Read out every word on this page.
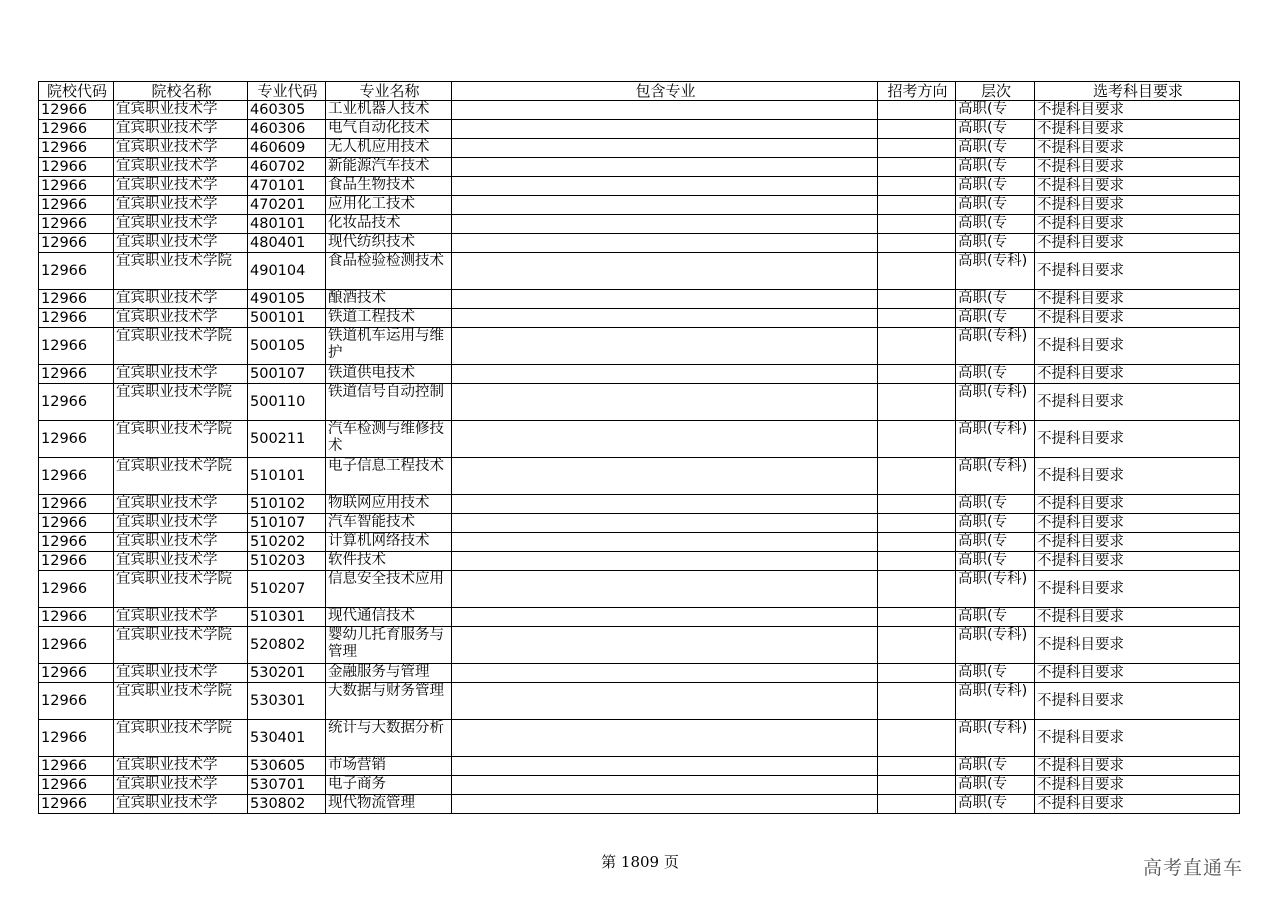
院校代码	院校名称	专业代码	专业名称	包含专业	招考方向	层次	选考科目要求
12966	宜宾职业技术学	460305	工业机器人技术			高职(专	不提科目要求
12966	宜宾职业技术学	460306	电气自动化技术			高职(专	不提科目要求
12966	宜宾职业技术学	460609	无人机应用技术			高职(专	不提科目要求
12966	宜宾职业技术学	460702	新能源汽车技术			高职(专	不提科目要求
12966	宜宾职业技术学	470101	食品生物技术			高职(专	不提科目要求
12966	宜宾职业技术学	470201	应用化工技术			高职(专	不提科目要求
12966	宜宾职业技术学	480101	化妆品技术			高职(专	不提科目要求
12966	宜宾职业技术学	480401	现代纺织技术			高职(专	不提科目要求
12966	宜宾职业技术学院	490104	食品检验检测技术			高职(专科)	不提科目要求
12966	宜宾职业技术学	490105	酿酒技术			高职(专	不提科目要求
12966	宜宾职业技术学	500101	铁道工程技术			高职(专	不提科目要求
12966	宜宾职业技术学院	500105	铁道机车运用与维护			高职(专科)	不提科目要求
12966	宜宾职业技术学	500107	铁道供电技术			高职(专	不提科目要求
12966	宜宾职业技术学院	500110	铁道信号自动控制			高职(专科)	不提科目要求
12966	宜宾职业技术学院	500211	汽车检测与维修技术			高职(专科)	不提科目要求
12966	宜宾职业技术学院	510101	电子信息工程技术			高职(专科)	不提科目要求
12966	宜宾职业技术学	510102	物联网应用技术			高职(专	不提科目要求
12966	宜宾职业技术学	510107	汽车智能技术			高职(专	不提科目要求
12966	宜宾职业技术学	510202	计算机网络技术			高职(专	不提科目要求
12966	宜宾职业技术学	510203	软件技术			高职(专	不提科目要求
12966	宜宾职业技术学院	510207	信息安全技术应用			高职(专科)	不提科目要求
12966	宜宾职业技术学	510301	现代通信技术			高职(专	不提科目要求
12966	宜宾职业技术学院	520802	婴幼儿托育服务与管理			高职(专科)	不提科目要求
12966	宜宾职业技术学	530201	金融服务与管理			高职(专	不提科目要求
12966	宜宾职业技术学院	530301	大数据与财务管理			高职(专科)	不提科目要求
12966	宜宾职业技术学院	530401	统计与大数据分析			高职(专科)	不提科目要求
12966	宜宾职业技术学	530605	市场营销			高职(专	不提科目要求
12966	宜宾职业技术学	530701	电子商务			高职(专	不提科目要求
12966	宜宾职业技术学	530802	现代物流管理			高职(专	不提科目要求
第 1809 页	高考直通车
